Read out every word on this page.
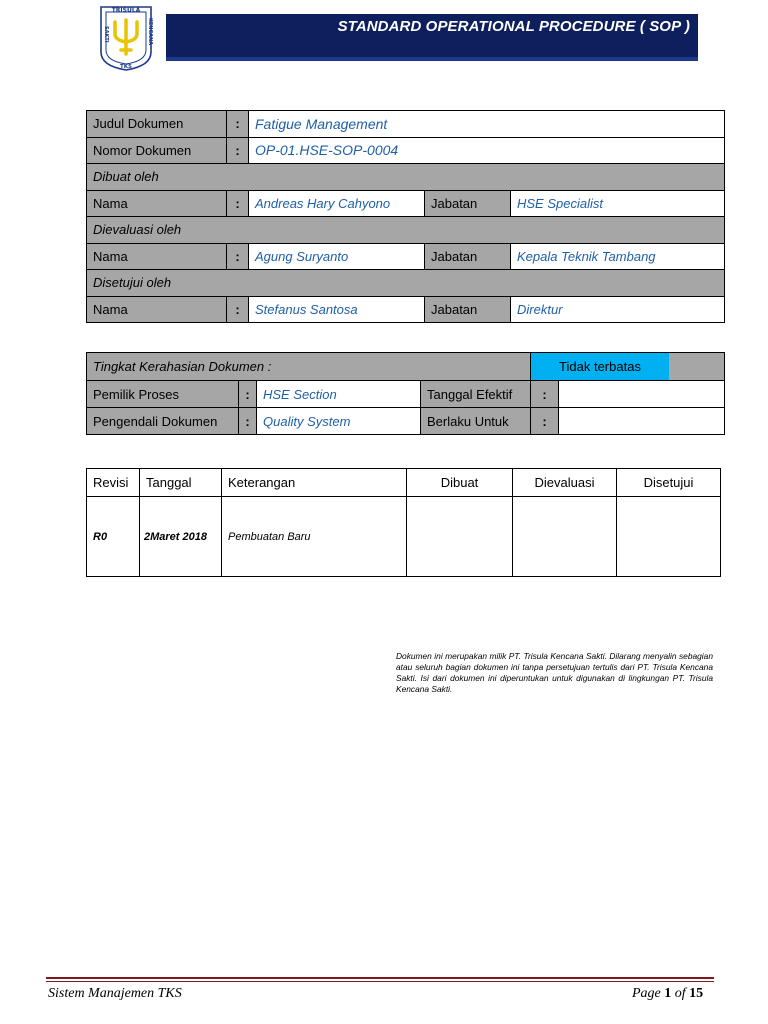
TRISULA
SAKTI	KENCANA
TKS
STANDARD OPERATIONAL PROCEDURE ( SOP )
Judul Dokumen	:	Fatigue Management		
Nomor Dokumen	:	OP-01.HSE-SOP-0004		
Dibuat oleh				
Nama	:	Andreas Hary Cahyono	Jabatan	HSE Specialist
Dievaluasi oleh				
Nama	:	Agung Suryanto	Jabatan	Kepala Teknik Tambang
Disetujui oleh				
Nama	:	Stefanus Santosa	Jabatan	Direktur
Tingkat Kerahasian Dokumen :				Tidak terbatas	

Pemilik Proses	:	HSE Section	Tanggal Efektif	:	
Pengendali Dokumen	:	Quality System	Berlaku Untuk	:	
Revisi	Tanggal	Keterangan	Dibuat	Dievaluasi	Disetujui
R0	2Maret 2018	Pembuatan Baru			

Dokumen ini merupakan milik PT. Trisula Kencana Sakti. Dilarang menyalin sebagian atau seluruh bagian dokumen ini tanpa persetujuan tertulis dari PT. Trisula Kencana Sakti. Isi dari dokumen ini diperuntukan untuk digunakan di lingkungan PT. Trisula Kencana Sakti.

Sistem Manajemen TKS	Page 1 of 15
